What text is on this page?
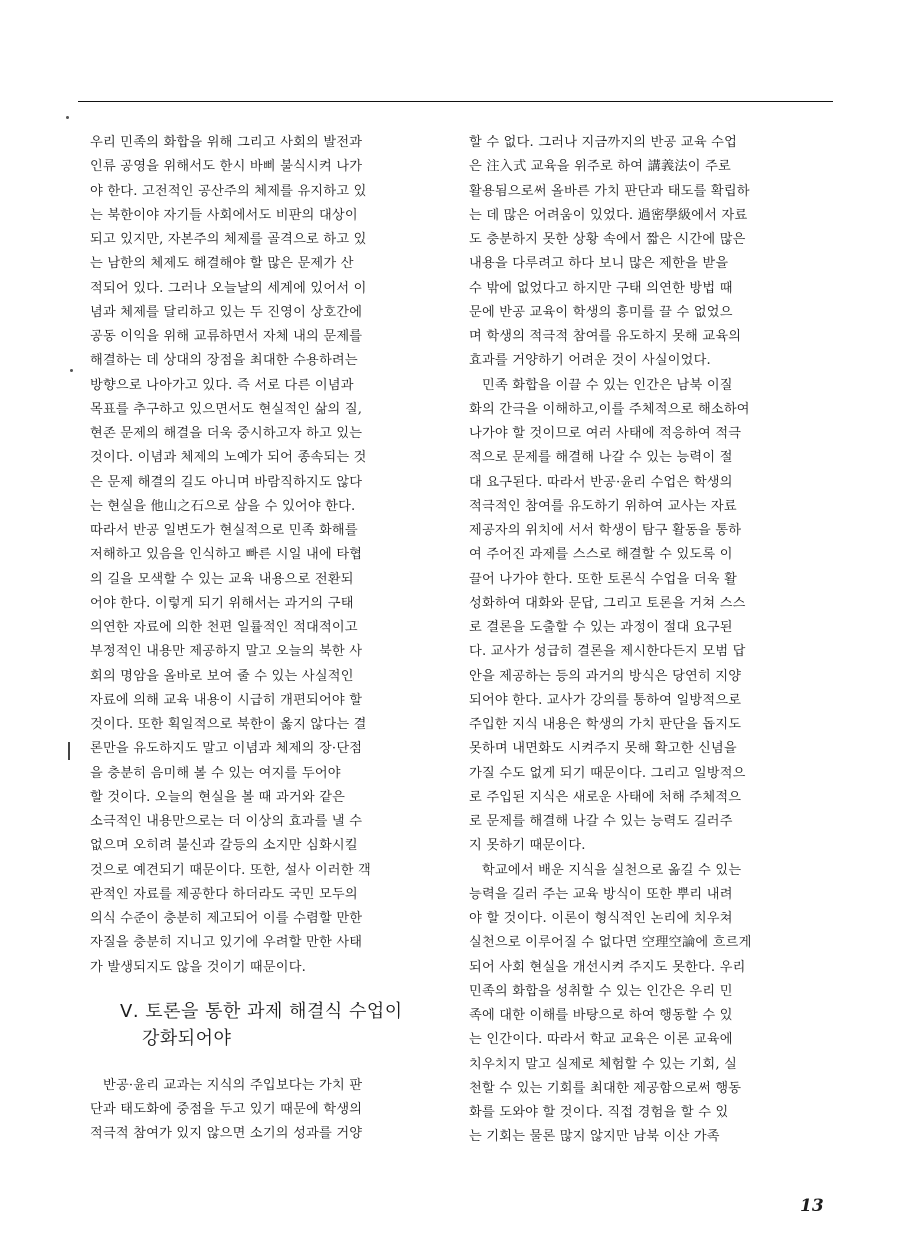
우리 민족의 화합을 위해 그리고 사회의 발전과
인류 공영을 위해서도 한시 바삐 불식시켜 나가
야 한다. 고전적인 공산주의 체제를 유지하고 있
는 북한이야 자기들 사회에서도 비판의 대상이
되고 있지만, 자본주의 체제를 골격으로 하고 있
는 남한의 체제도 해결해야 할 많은 문제가 산
적되어 있다. 그러나 오늘날의 세계에 있어서 이
념과 체제를 달리하고 있는 두 진영이 상호간에
공동 이익을 위해 교류하면서 자체 내의 문제를
해결하는 데 상대의 장점을 최대한 수용하려는
방향으로 나아가고 있다. 즉 서로 다른 이념과
목표를 추구하고 있으면서도 현실적인 삶의 질,
현존 문제의 해결을 더욱 중시하고자 하고 있는
것이다. 이념과 체제의 노예가 되어 종속되는 것
은 문제 해결의 길도 아니며 바람직하지도 않다
는 현실을 他山之石으로 삼을 수 있어야 한다.
따라서 반공 일변도가 현실적으로 민족 화해를
저해하고 있음을 인식하고 빠른 시일 내에 타협
의 길을 모색할 수 있는 교육 내용으로 전환되
어야 한다. 이렇게 되기 위해서는 과거의 구태
의연한 자료에 의한 천편 일률적인 적대적이고
부정적인 내용만 제공하지 말고 오늘의 북한 사
회의 명암을 올바로 보여 줄 수 있는 사실적인
자료에 의해 교육 내용이 시급히 개편되어야 할
것이다. 또한 획일적으로 북한이 옳지 않다는 결
론만을 유도하지도 말고 이념과 체제의 장·단점
을 충분히 음미해 볼 수 있는 여지를 두어야
할 것이다. 오늘의 현실을 볼 때 과거와 같은
소극적인 내용만으로는 더 이상의 효과를 낼 수
없으며 오히려 불신과 갈등의 소지만 심화시킬
것으로 예견되기 때문이다. 또한, 설사 이러한 객
관적인 자료를 제공한다 하더라도 국민 모두의
의식 수준이 충분히 제고되어 이를 수렴할 만한
자질을 충분히 지니고 있기에 우려할 만한 사태
가 발생되지도 않을 것이기 때문이다.
Ⅴ. 토론을 통한 과제 해결식 수업이
강화되어야
반공·윤리 교과는 지식의 주입보다는 가치 판
단과 태도화에 중점을 두고 있기 때문에 학생의
적극적 참여가 있지 않으면 소기의 성과를 거양
할 수 없다. 그러나 지금까지의 반공 교육 수업
은 注入式 교육을 위주로 하여 講義法이 주로
활용됨으로써 올바른 가치 판단과 태도를 확립하
는 데 많은 어려움이 있었다. 過密學級에서 자료
도 충분하지 못한 상황 속에서 짧은 시간에 많은
내용을 다루려고 하다 보니 많은 제한을 받을
수 밖에 없었다고 하지만 구태 의연한 방법 때
문에 반공 교육이 학생의 흥미를 끌 수 없었으
며 학생의 적극적 참여를 유도하지 못해 교육의
효과를 거양하기 어려운 것이 사실이었다.
민족 화합을 이끌 수 있는 인간은 남북 이질
화의 간극을 이해하고,이를 주체적으로 해소하여
나가야 할 것이므로 여러 사태에 적응하여 적극
적으로 문제를 해결해 나갈 수 있는 능력이 절
대 요구된다. 따라서 반공·윤리 수업은 학생의
적극적인 참여를 유도하기 위하여 교사는 자료
제공자의 위치에 서서 학생이 탐구 활동을 통하
여 주어진 과제를 스스로 해결할 수 있도록 이
끌어 나가야 한다. 또한 토론식 수업을 더욱 활
성화하여 대화와 문답, 그리고 토론을 거쳐 스스
로 결론을 도출할 수 있는 과정이 절대 요구된
다. 교사가 성급히 결론을 제시한다든지 모범 답
안을 제공하는 등의 과거의 방식은 당연히 지양
되어야 한다. 교사가 강의를 통하여 일방적으로
주입한 지식 내용은 학생의 가치 판단을 돕지도
못하며 내면화도 시켜주지 못해 확고한 신념을
가질 수도 없게 되기 때문이다. 그리고 일방적으
로 주입된 지식은 새로운 사태에 처해 주체적으
로 문제를 해결해 나갈 수 있는 능력도 길러주
지 못하기 때문이다.
학교에서 배운 지식을 실천으로 옮길 수 있는
능력을 길러 주는 교육 방식이 또한 뿌리 내려
야 할 것이다. 이론이 형식적인 논리에 치우쳐
실천으로 이루어질 수 없다면 空理空論에 흐르게
되어 사회 현실을 개선시켜 주지도 못한다. 우리
민족의 화합을 성취할 수 있는 인간은 우리 민
족에 대한 이해를 바탕으로 하여 행동할 수 있
는 인간이다. 따라서 학교 교육은 이론 교육에
치우치지 말고 실제로 체험할 수 있는 기회, 실
천할 수 있는 기회를 최대한 제공함으로써 행동
화를 도와야 할 것이다. 직접 경험을 할 수 있
는 기회는 물론 많지 않지만 남북 이산 가족
13
